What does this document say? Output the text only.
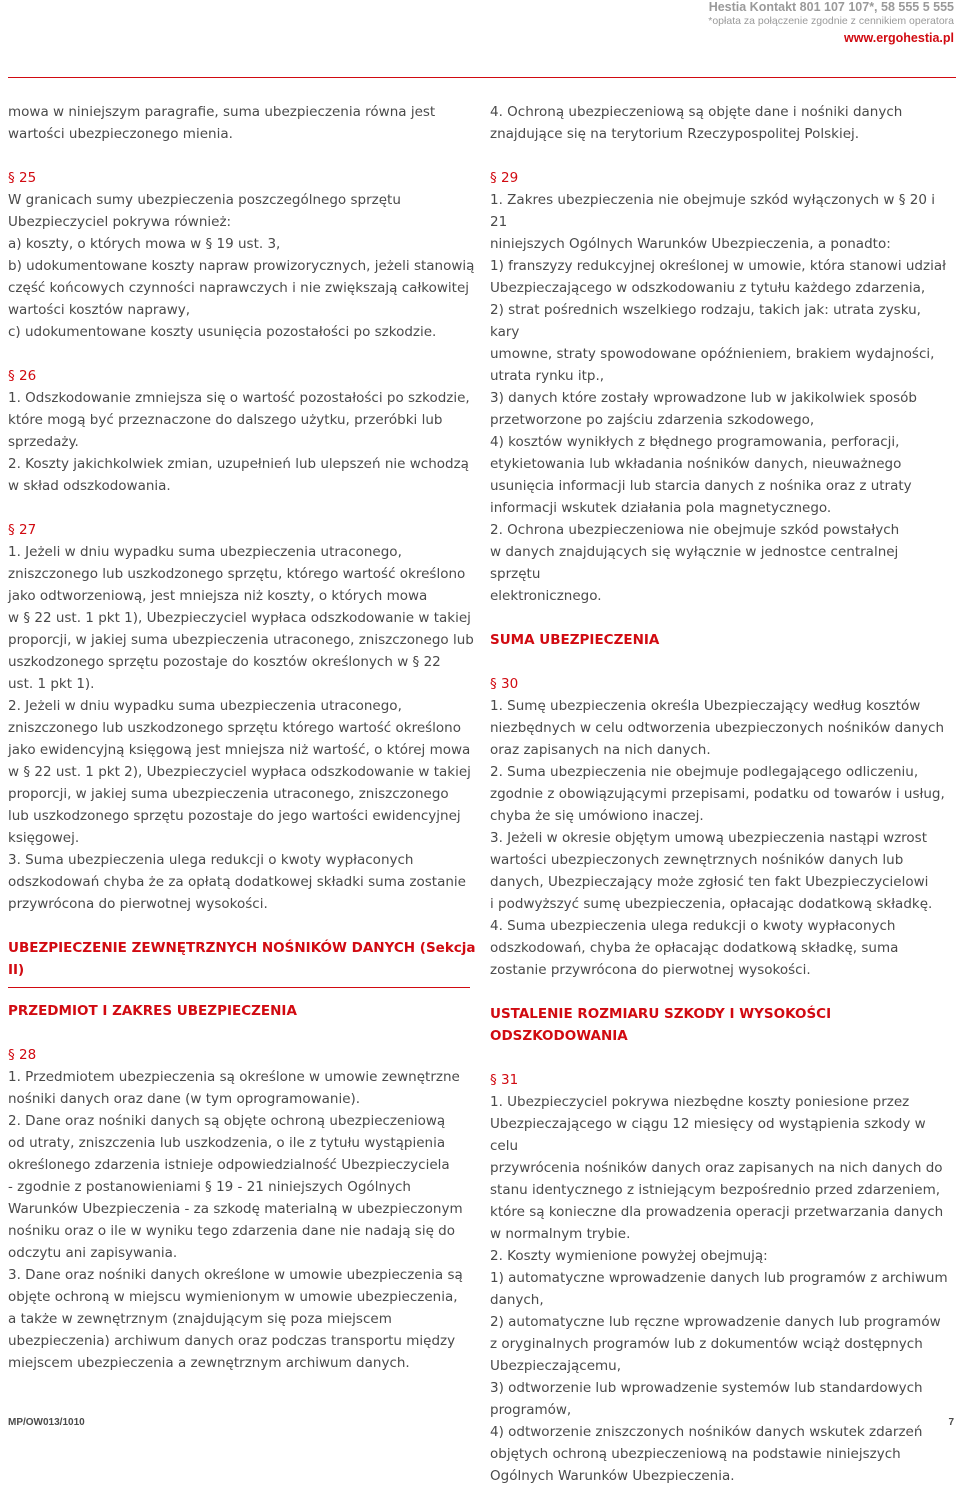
Hestia Kontakt 801 107 107*, 58 555 5 555
*opłata za połączenie zgodnie z cennikiem operatora
www.ergohestia.pl

mowa w niniejszym paragrafie, suma ubezpieczenia równa jest

wartości ubezpieczonego mienia.

§ 25

W granicach sumy ubezpieczenia poszczególnego sprzętu

Ubezpieczyciel pokrywa również:

a) koszty, o których mowa w § 19 ust. 3,

b) udokumentowane koszty napraw prowizorycznych, jeżeli stanowią

część końcowych czynności naprawczych i nie zwiększają całkowitej

wartości kosztów naprawy,

c) udokumentowane koszty usunięcia pozostałości po szkodzie.

§ 26

1. Odszkodowanie zmniejsza się o wartość pozostałości po szkodzie,

które mogą być przeznaczone do dalszego użytku, przeróbki lub

sprzedaży.

2. Koszty jakichkolwiek zmian, uzupełnień lub ulepszeń nie wchodzą

w skład odszkodowania.

§ 27

1. Jeżeli w dniu wypadku suma ubezpieczenia utraconego,

zniszczonego lub uszkodzonego sprzętu, którego wartość określono

jako odtworzeniową, jest mniejsza niż koszty, o których mowa

w § 22 ust. 1 pkt 1), Ubezpieczyciel wypłaca odszkodowanie w takiej

proporcji, w jakiej suma ubezpieczenia utraconego, zniszczonego lub

uszkodzonego sprzętu pozostaje do kosztów określonych w § 22

ust. 1 pkt 1).

2. Jeżeli w dniu wypadku suma ubezpieczenia utraconego,

zniszczonego lub uszkodzonego sprzętu którego wartość określono

jako ewidencyjną księgową jest mniejsza niż wartość, o której mowa

w § 22 ust. 1 pkt 2), Ubezpieczyciel wypłaca odszkodowanie w takiej

proporcji, w jakiej suma ubezpieczenia utraconego, zniszczonego

lub uszkodzonego sprzętu pozostaje do jego wartości ewidencyjnej

księgowej.

3. Suma ubezpieczenia ulega redukcji o kwoty wypłaconych

odszkodowań chyba że za opłatą dodatkowej składki suma zostanie

przywrócona do pierwotnej wysokości.

UBEZPIECZENIE ZEWNĘTRZNYCH NOŚNIKÓW DANYCH (Sekcja II)

PRZEDMIOT I ZAKRES UBEZPIECZENIA

§ 28

1. Przedmiotem ubezpieczenia są określone w umowie zewnętrzne

nośniki danych oraz dane (w tym oprogramowanie).

2. Dane oraz nośniki danych są objęte ochroną ubezpieczeniową

od utraty, zniszczenia lub uszkodzenia, o ile z tytułu wystąpienia

określonego zdarzenia istnieje odpowiedzialność Ubezpieczyciela

- zgodnie z postanowieniami § 19 - 21 niniejszych Ogólnych

Warunków Ubezpieczenia - za szkodę materialną w ubezpieczonym

nośniku oraz o ile w wyniku tego zdarzenia dane nie nadają się do

odczytu ani zapisywania.

3. Dane oraz nośniki danych określone w umowie ubezpieczenia są

objęte ochroną w miejscu wymienionym w umowie ubezpieczenia,

a także w zewnętrznym (znajdującym się poza miejscem

ubezpieczenia) archiwum danych oraz podczas transportu między

miejscem ubezpieczenia a zewnętrznym archiwum danych.

4. Ochroną ubezpieczeniową są objęte dane i nośniki danych

znajdujące się na terytorium Rzeczypospolitej Polskiej.

§ 29

1. Zakres ubezpieczenia nie obejmuje szkód wyłączonych w § 20 i 21

niniejszych Ogólnych Warunków Ubezpieczenia, a ponadto:

1) franszyzy redukcyjnej określonej w umowie, która stanowi udział

Ubezpieczającego w odszkodowaniu z tytułu każdego zdarzenia,

2) strat pośrednich wszelkiego rodzaju, takich jak: utrata zysku, kary

umowne, straty spowodowane opóźnieniem, brakiem wydajności,

utrata rynku itp.,

3) danych które zostały wprowadzone lub w jakikolwiek sposób

przetworzone po zajściu zdarzenia szkodowego,

4) kosztów wynikłych z błędnego programowania, perforacji,

etykietowania lub wkładania nośników danych, nieuważnego

usunięcia informacji lub starcia danych z nośnika oraz z utraty

informacji wskutek działania pola magnetycznego.

2. Ochrona ubezpieczeniowa nie obejmuje szkód powstałych

w danych znajdujących się wyłącznie w jednostce centralnej sprzętu

elektronicznego.

SUMA UBEZPIECZENIA

§ 30

1. Sumę ubezpieczenia określa Ubezpieczający według kosztów

niezbędnych w celu odtworzenia ubezpieczonych nośników danych

oraz zapisanych na nich danych.

2. Suma ubezpieczenia nie obejmuje podlegającego odliczeniu,

zgodnie z obowiązującymi przepisami, podatku od towarów i usług,

chyba że się umówiono inaczej.

3. Jeżeli w okresie objętym umową ubezpieczenia nastąpi wzrost

wartości ubezpieczonych zewnętrznych nośników danych lub

danych, Ubezpieczający może zgłosić ten fakt Ubezpieczycielowi

i podwyższyć sumę ubezpieczenia, opłacając dodatkową składkę.

4. Suma ubezpieczenia ulega redukcji o kwoty wypłaconych

odszkodowań, chyba że opłacając dodatkową składkę, suma

zostanie przywrócona do pierwotnej wysokości.

USTALENIE ROZMIARU SZKODY I WYSOKOŚCI ODSZKODOWANIA

§ 31

1. Ubezpieczyciel pokrywa niezbędne koszty poniesione przez

Ubezpieczającego w ciągu 12 miesięcy od wystąpienia szkody w celu

przywrócenia nośników danych oraz zapisanych na nich danych do

stanu identycznego z istniejącym bezpośrednio przed zdarzeniem,

które są konieczne dla prowadzenia operacji przetwarzania danych

w normalnym trybie.

2. Koszty wymienione powyżej obejmują:

1) automatyczne wprowadzenie danych lub programów z archiwum

danych,

2) automatyczne lub ręczne wprowadzenie danych lub programów

z oryginalnych programów lub z dokumentów wciąż dostępnych

Ubezpieczającemu,

3) odtworzenie lub wprowadzenie systemów lub standardowych

programów,

4) odtworzenie zniszczonych nośników danych wskutek zdarzeń

objętych ochroną ubezpieczeniową na podstawie niniejszych

Ogólnych Warunków Ubezpieczenia.

MP/OW013/1010	7
